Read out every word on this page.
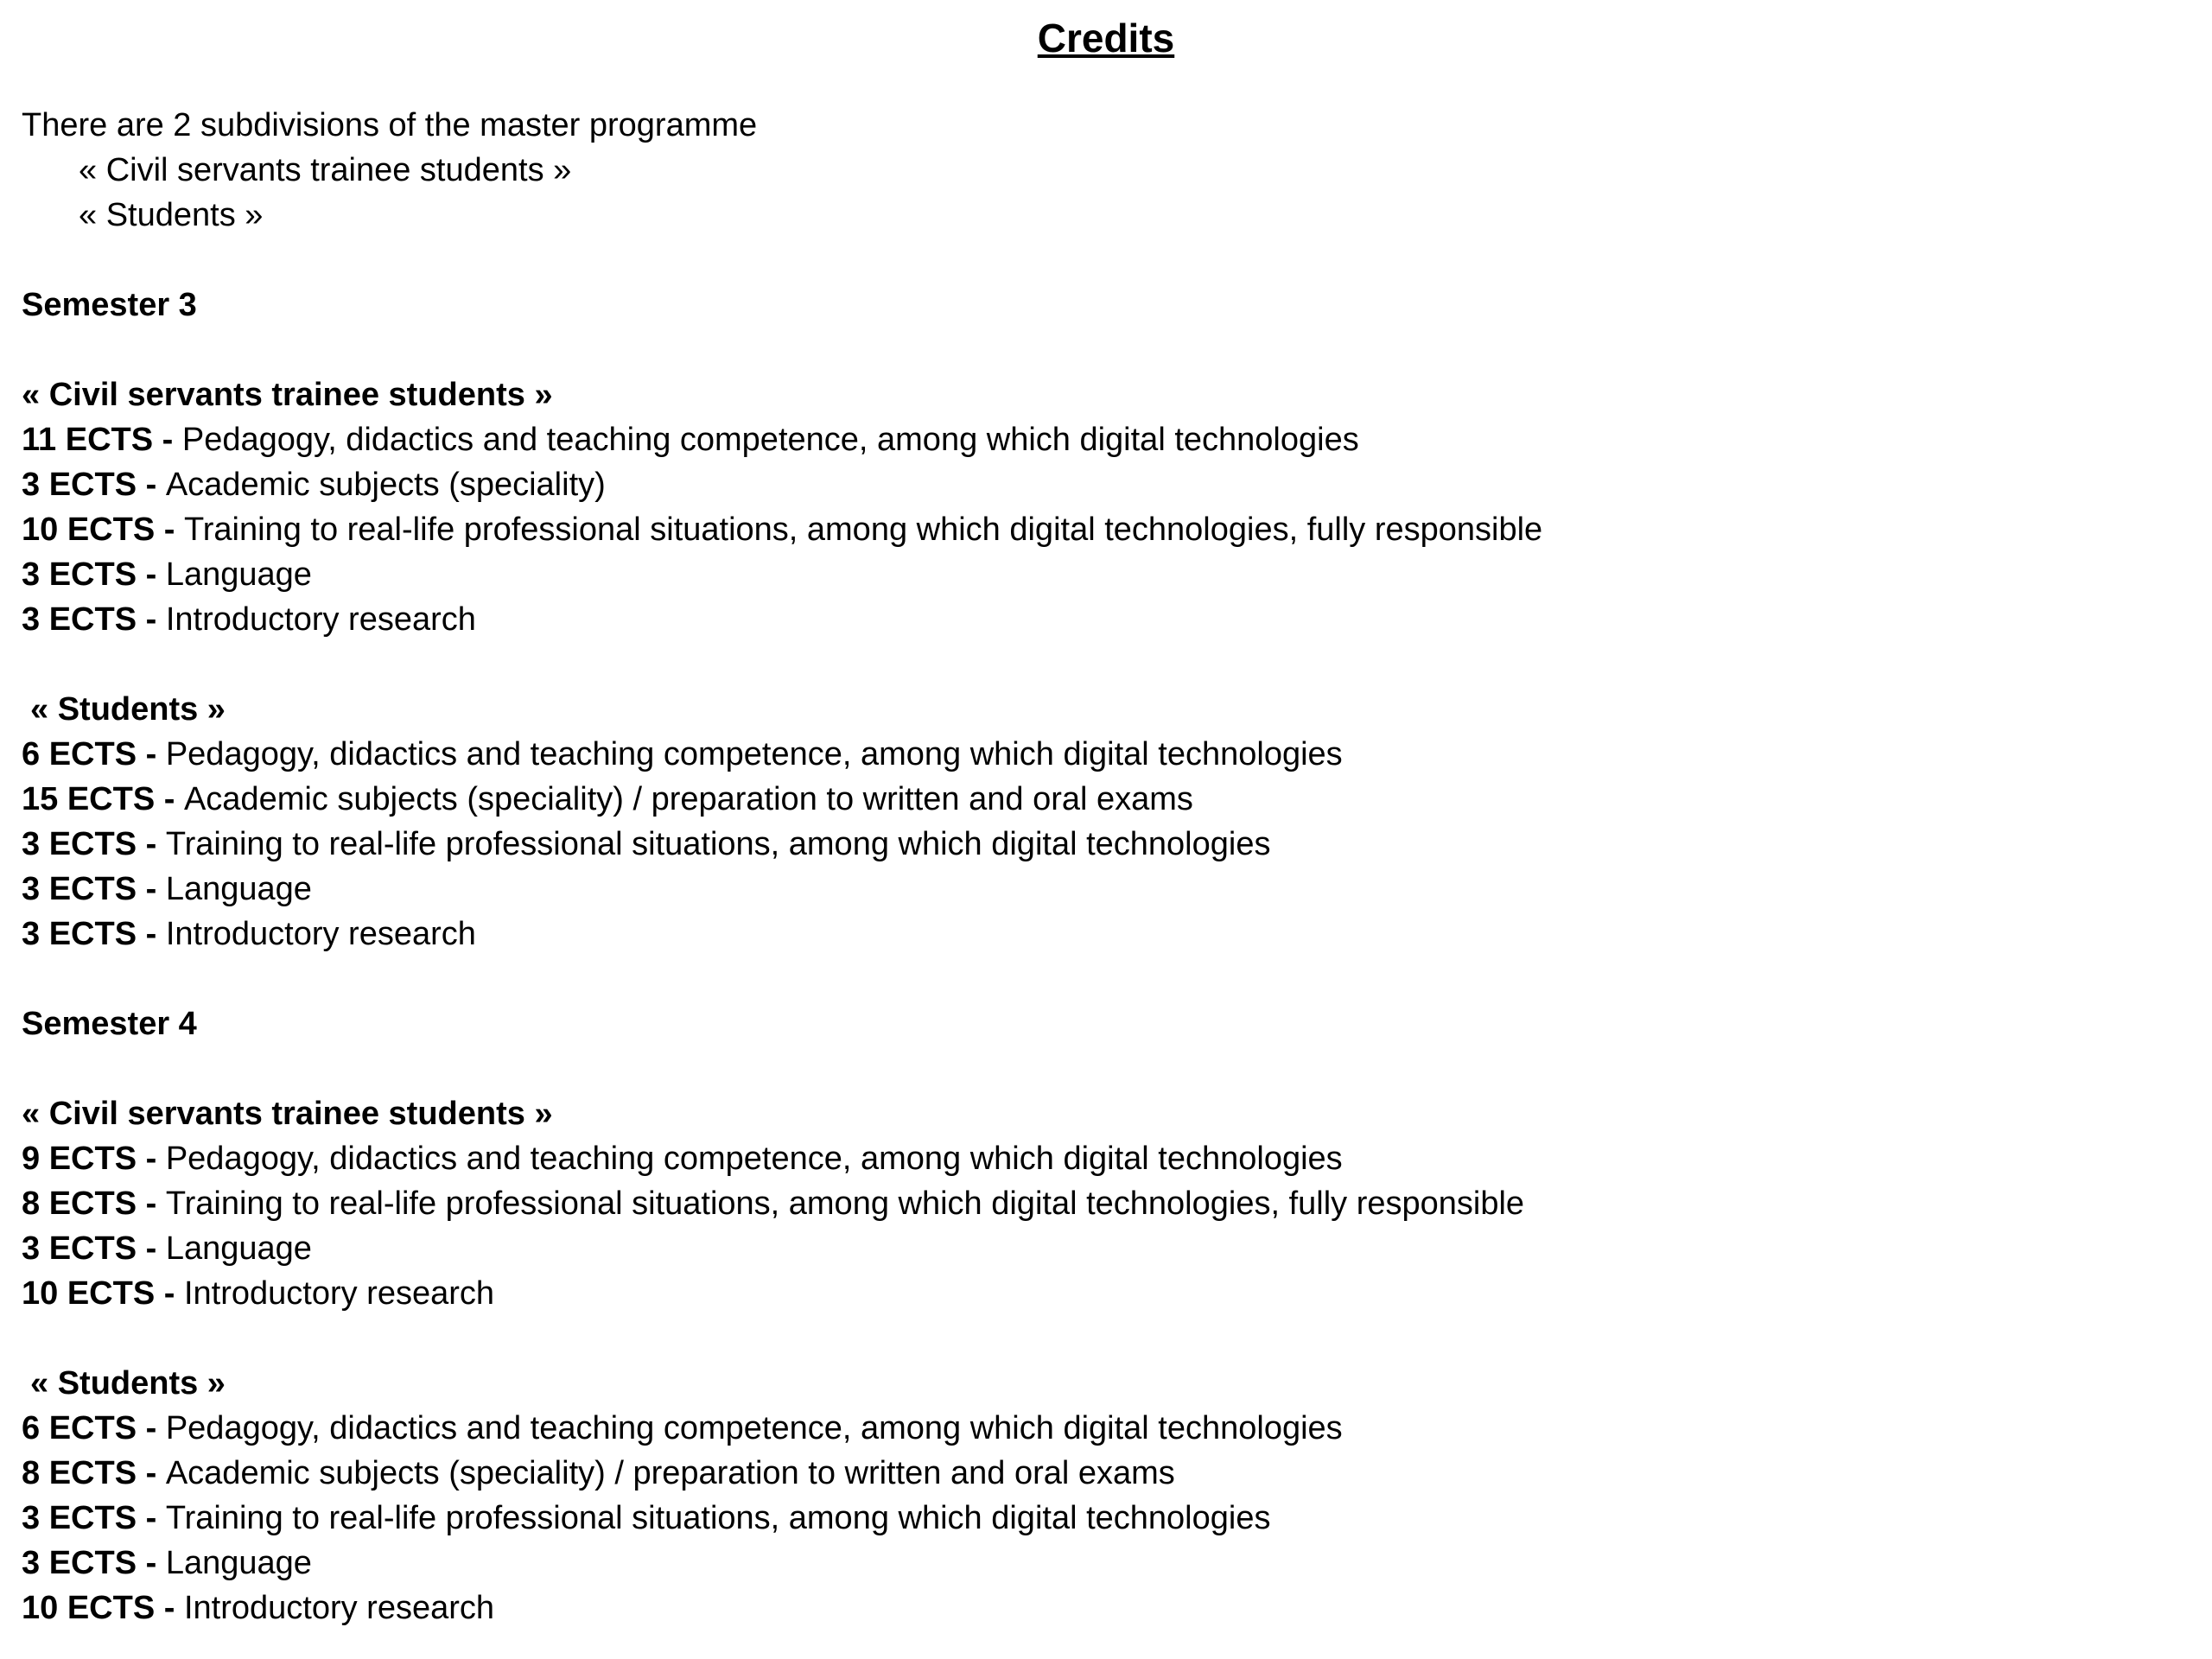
Credits
There are 2 subdivisions of the master programme
« Civil servants trainee students »
« Students »
Semester 3
« Civil servants trainee students »
11 ECTS - Pedagogy, didactics and teaching competence, among which digital technologies
3 ECTS - Academic subjects (speciality)
10 ECTS - Training to real-life professional situations, among which digital technologies, fully responsible
3 ECTS - Language
3 ECTS - Introductory research
« Students »
6 ECTS - Pedagogy, didactics and teaching competence, among which digital technologies
15 ECTS - Academic subjects (speciality) / preparation to written and oral exams
3 ECTS - Training to real-life professional situations, among which digital technologies
3 ECTS - Language
3 ECTS - Introductory research
Semester 4
« Civil servants trainee students »
9 ECTS - Pedagogy, didactics and teaching competence, among which digital technologies
8 ECTS - Training to real-life professional situations, among which digital technologies, fully responsible
3 ECTS - Language
10 ECTS - Introductory research
« Students »
6 ECTS - Pedagogy, didactics and teaching competence, among which digital technologies
8 ECTS - Academic subjects (speciality) / preparation to written and oral exams
3 ECTS - Training to real-life professional situations, among which digital technologies
3 ECTS - Language
10 ECTS - Introductory research
